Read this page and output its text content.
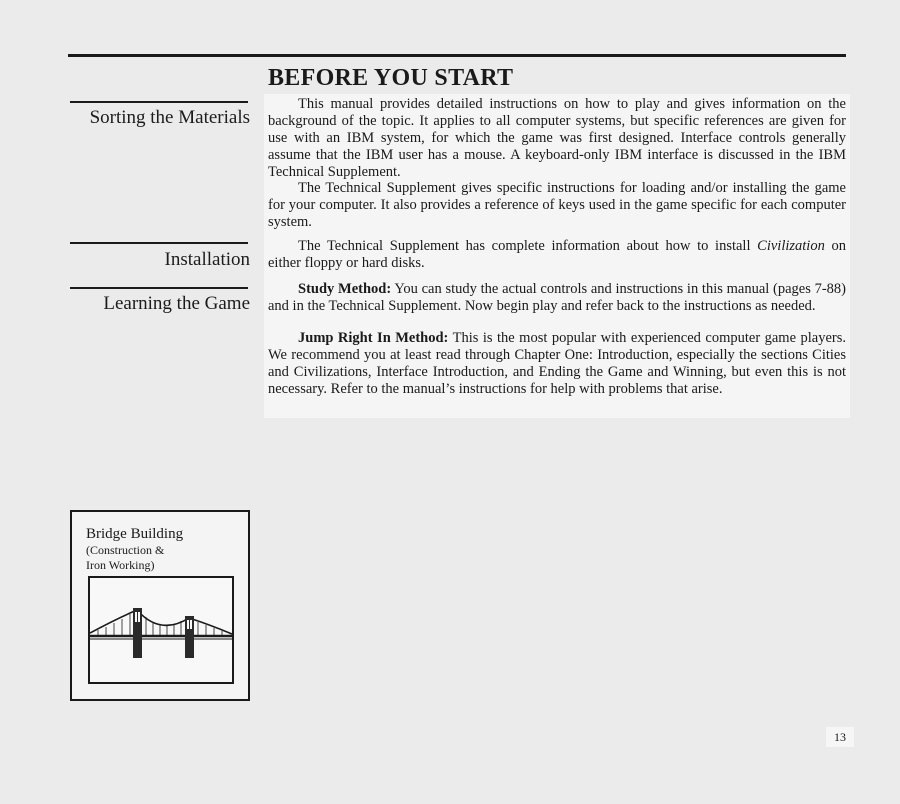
BEFORE YOU START
Sorting the Materials

This manual provides detailed instructions on how to play and gives information on the background of the topic. It applies to all computer systems, but specific references are given for use with an IBM system, for which the game was first designed. Interface controls generally assume that the IBM user has a mouse. A keyboard-only IBM interface is discussed in the IBM Technical Supplement.

The Technical Supplement gives specific instructions for loading and/or installing the game for your computer. It also provides a reference of keys used in the game specific for each computer system.

Installation

The Technical Supplement has complete information about how to install Civilization on either floppy or hard disks.

Learning the Game

Study Method: You can study the actual controls and instructions in this manual (pages 7-88) and in the Technical Supplement. Now begin play and refer back to the instructions as needed.

Jump Right In Method: This is the most popular with experienced computer game players. We recommend you at least read through Chapter One: Introduction, especially the sections Cities and Civilizations, Interface Introduction, and Ending the Game and Winning, but even this is not necessary. Refer to the manual’s instructions for help with problems that arise.

Bridge Building
(Construction &
Iron Working)
13
